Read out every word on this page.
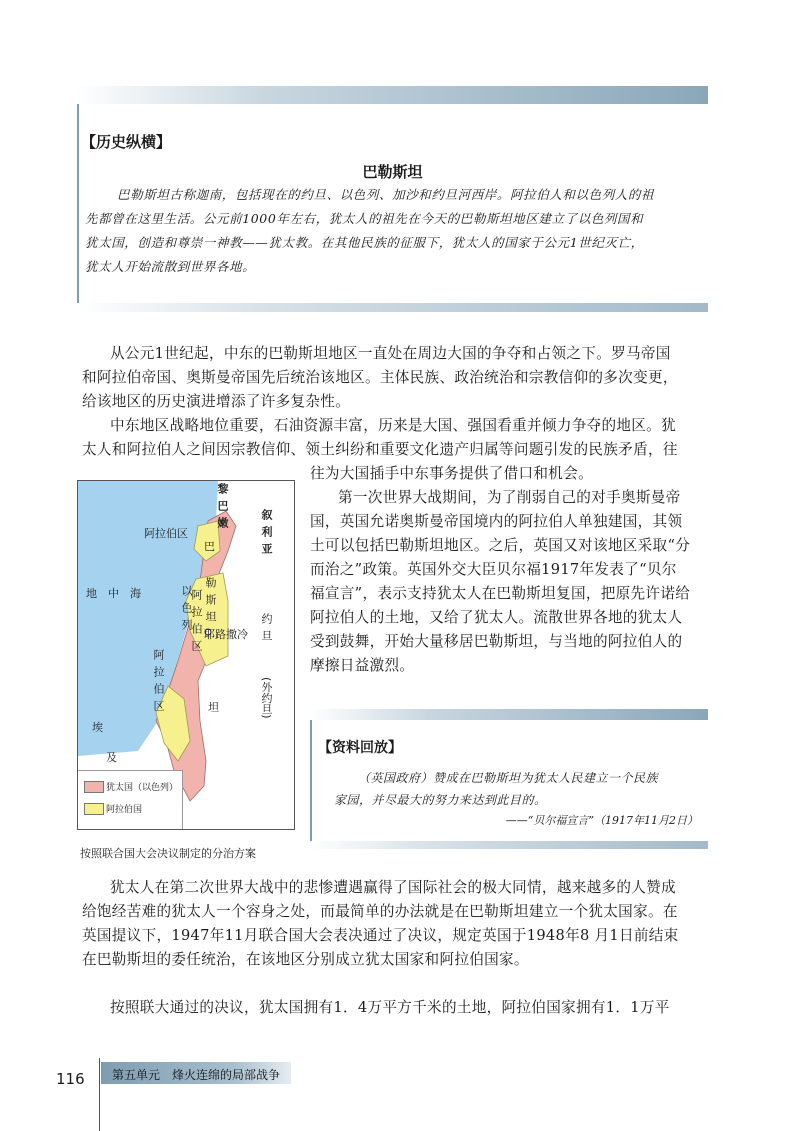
【历史纵横】
巴勒斯坦

巴勒斯坦古称迦南，包括现在的约旦、以色列、加沙和约旦河西岸。阿拉伯人和以色列人的祖

先都曾在这里生活。公元前1000年左右，犹太人的祖先在今天的巴勒斯坦地区建立了以色列国和

犹太国，创造和尊崇一神教——犹太教。在其他民族的征服下，犹太人的国家于公元1世纪灭亡，

犹太人开始流散到世界各地。

从公元1世纪起，中东的巴勒斯坦地区一直处在周边大国的争夺和占领之下。罗马帝国

和阿拉伯帝国、奥斯曼帝国先后统治该地区。主体民族、政治统治和宗教信仰的多次变更，

给该地区的历史演进增添了许多复杂性。

中东地区战略地位重要，石油资源丰富，历来是大国、强国看重并倾力争夺的地区。犹

太人和阿拉伯人之间因宗教信仰、领土纠纷和重要文化遗产归属等问题引发的民族矛盾，往

往为大国插手中东事务提供了借口和机会。
黎巴嫩
叙利亚
阿拉伯区
地　中　海	以色列	约旦
(外约旦)
埃
及
耶路撒冷
巴
勒斯坦
阿拉伯区
阿拉伯区	坦
犹太国（以色列）
阿拉伯国
按照联合国大会决议制定的分治方案

第一次世界大战期间，为了削弱自己的对手奥斯曼帝

国，英国允诺奥斯曼帝国境内的阿拉伯人单独建国，其领

土可以包括巴勒斯坦地区。之后，英国又对该地区采取“分

而治之”政策。英国外交大臣贝尔福1917年发表了“贝尔

福宣言”，表示支持犹太人在巴勒斯坦复国，把原先许诺给

阿拉伯人的土地，又给了犹太人。流散世界各地的犹太人

受到鼓舞，开始大量移居巴勒斯坦，与当地的阿拉伯人的

摩擦日益激烈。

【资料回放】

（英国政府）赞成在巴勒斯坦为犹太人民建立一个民族

家园，并尽最大的努力来达到此目的。

——“贝尔福宣言”（1917年11月2日）

犹太人在第二次世界大战中的悲惨遭遇赢得了国际社会的极大同情，越来越多的人赞成

给饱经苦难的犹太人一个容身之处，而最简单的办法就是在巴勒斯坦建立一个犹太国家。在

英国提议下，1947年11月联合国大会表决通过了决议，规定英国于1948年8 月1日前结束

在巴勒斯坦的委任统治，在该地区分别成立犹太国家和阿拉伯国家。

按照联大通过的决议，犹太国拥有1．4万平方千米的土地，阿拉伯国家拥有1．1万平

116 第五单元　烽火连绵的局部战争
